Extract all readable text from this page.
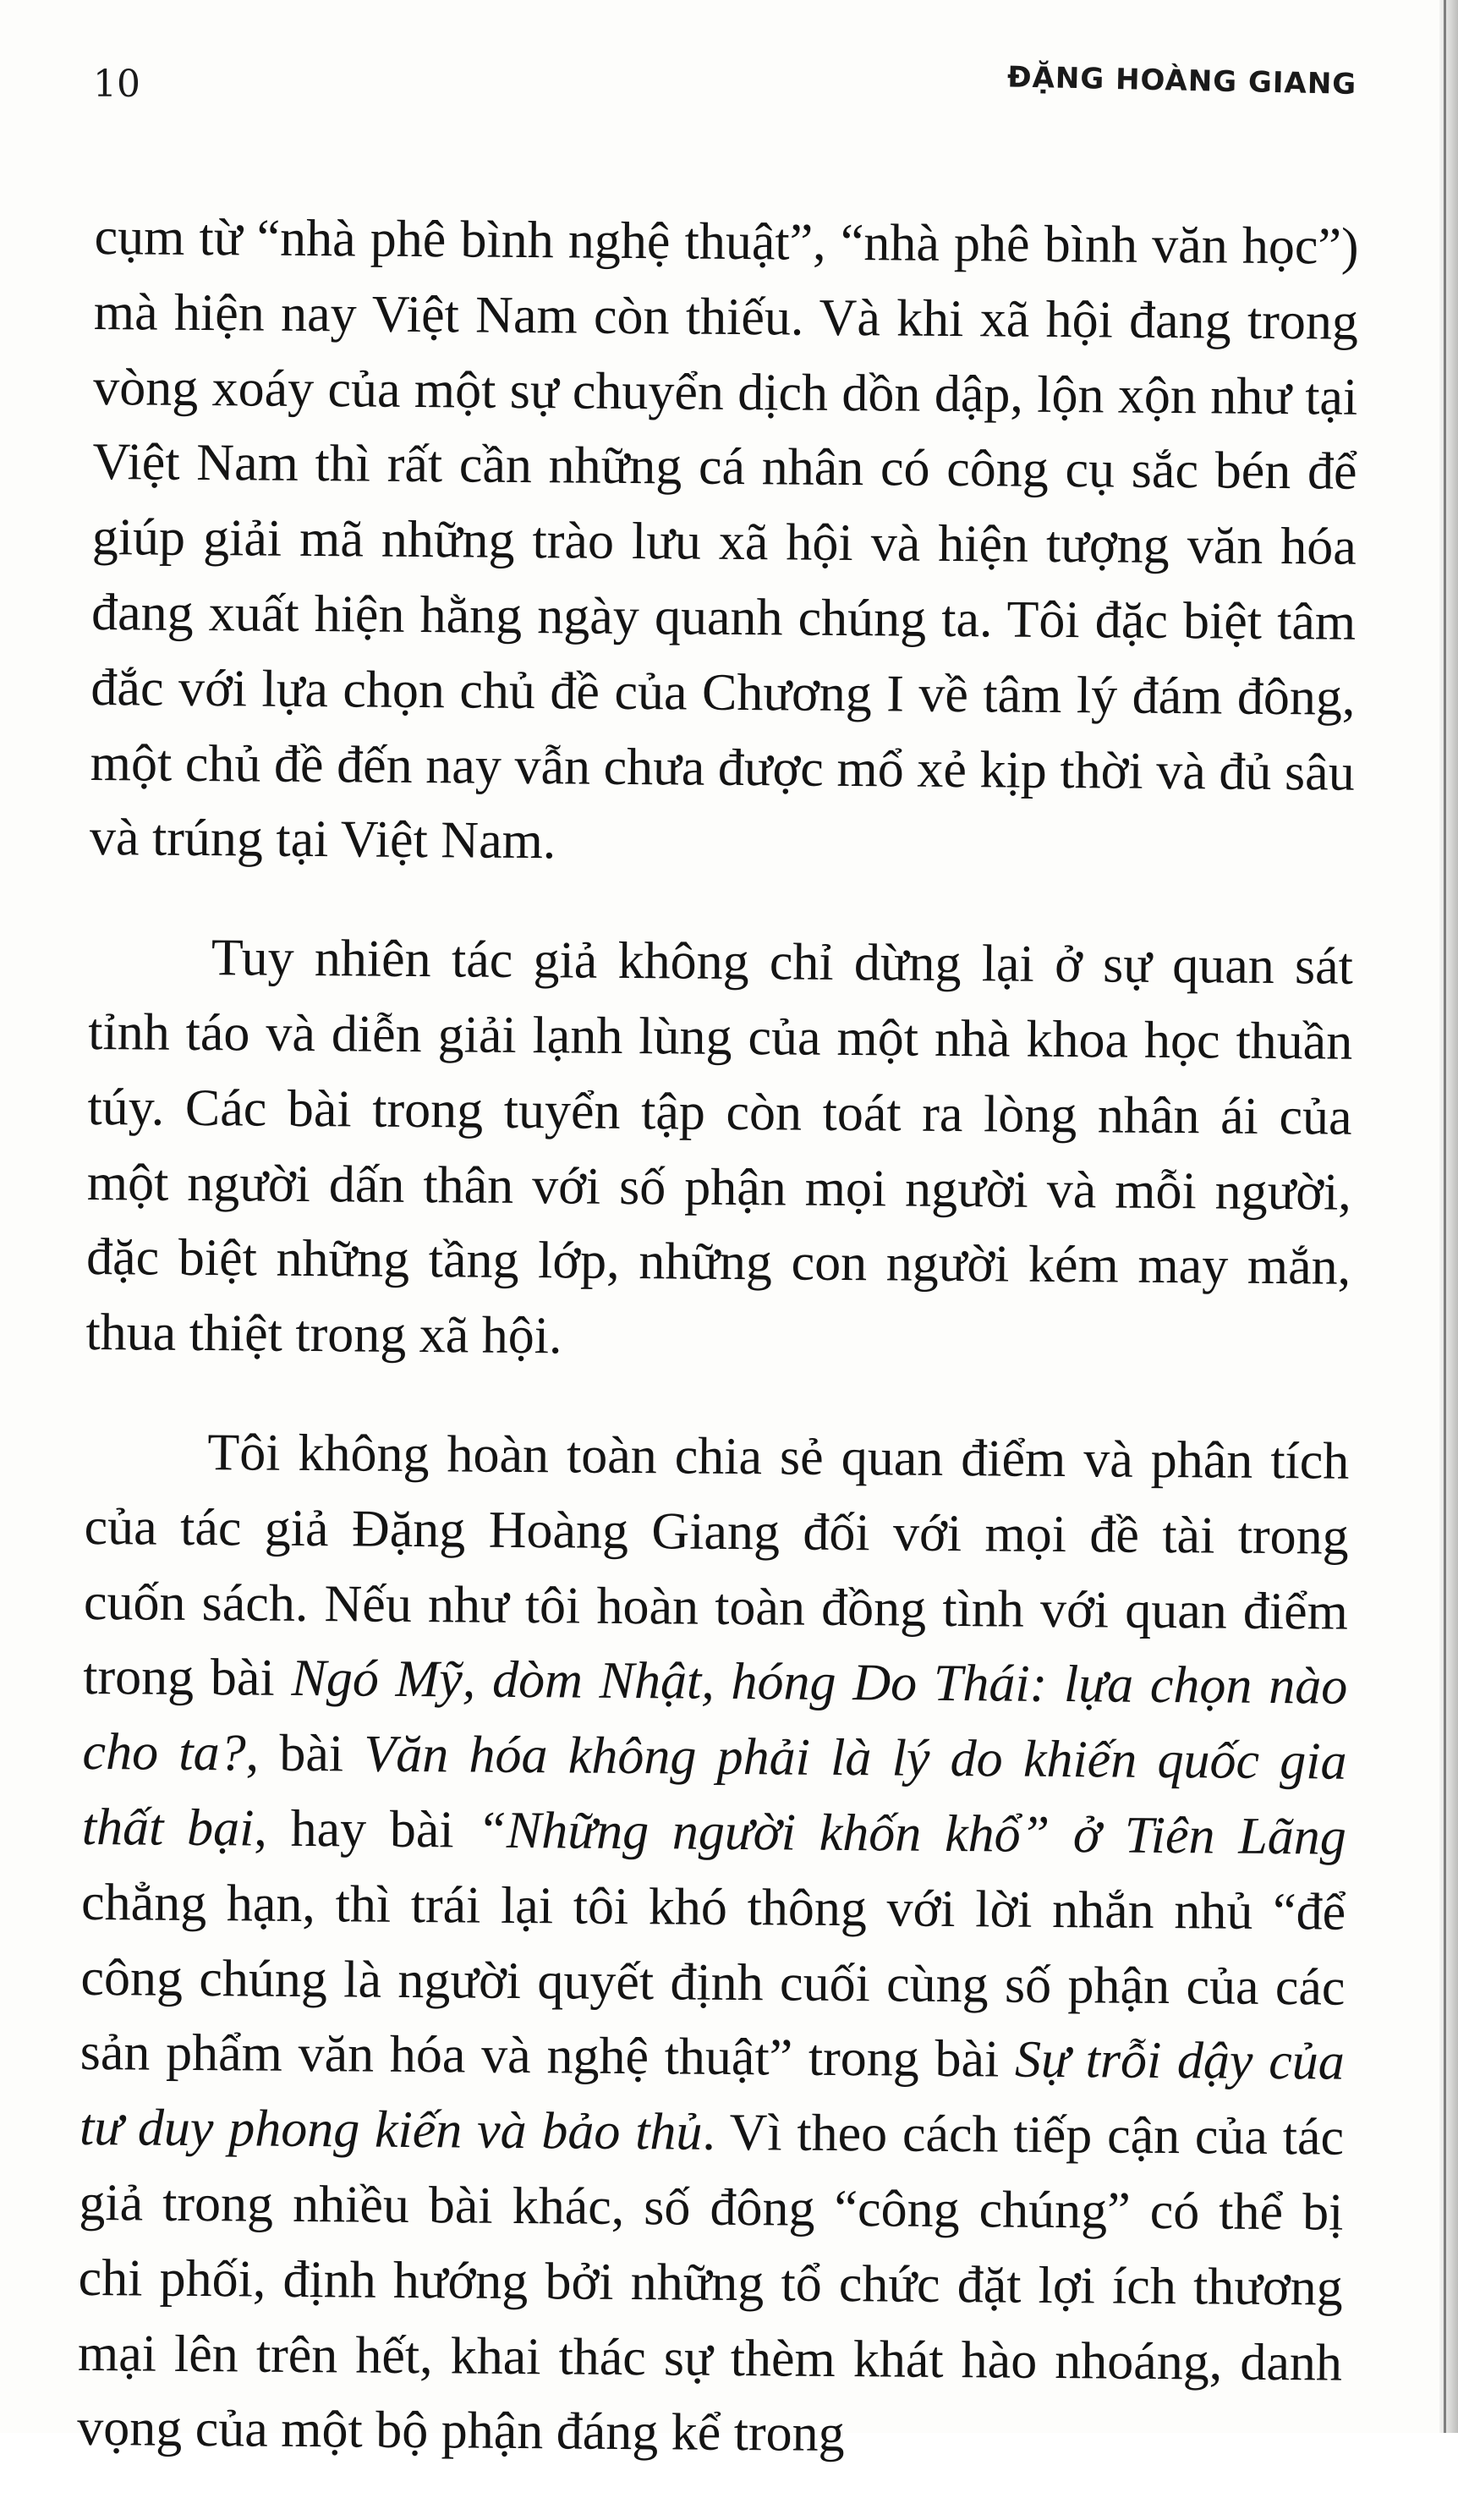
10	ĐẶNG HOÀNG GIANG

cụm từ “nhà phê bình nghệ thuật”, “nhà phê bình văn học”) mà hiện nay Việt Nam còn thiếu. Và khi xã hội đang trong vòng xoáy của một sự chuyển dịch dồn dập, lộn xộn như tại Việt Nam thì rất cần những cá nhân có công cụ sắc bén để giúp giải mã những trào lưu xã hội và hiện tượng văn hóa đang xuất hiện hằng ngày quanh chúng ta. Tôi đặc biệt tâm đắc với lựa chọn chủ đề của Chương I về tâm lý đám đông, một chủ đề đến nay vẫn chưa được mổ xẻ kịp thời và đủ sâu và trúng tại Việt Nam.

Tuy nhiên tác giả không chỉ dừng lại ở sự quan sát tỉnh táo và diễn giải lạnh lùng của một nhà khoa học thuần túy. Các bài trong tuyển tập còn toát ra lòng nhân ái của một người dấn thân với số phận mọi người và mỗi người, đặc biệt những tầng lớp, những con người kém may mắn, thua thiệt trong xã hội.

Tôi không hoàn toàn chia sẻ quan điểm và phân tích của tác giả Đặng Hoàng Giang đối với mọi đề tài trong cuốn sách. Nếu như tôi hoàn toàn đồng tình với quan điểm trong bài Ngó Mỹ, dòm Nhật, hóng Do Thái: lựa chọn nào cho ta?, bài Văn hóa không phải là lý do khiến quốc gia thất bại, hay bài “Những người khốn khổ” ở Tiên Lãng chẳng hạn, thì trái lại tôi khó thông với lời nhắn nhủ “để công chúng là người quyết định cuối cùng số phận của các sản phẩm văn hóa và nghệ thuật” trong bài Sự trỗi dậy của tư duy phong kiến và bảo thủ. Vì theo cách tiếp cận của tác giả trong nhiều bài khác, số đông “công chúng” có thể bị chi phối, định hướng bởi những tổ chức đặt lợi ích thương mại lên trên hết, khai thác sự thèm khát hào nhoáng, danh vọng của một bộ phận đáng kể trong
